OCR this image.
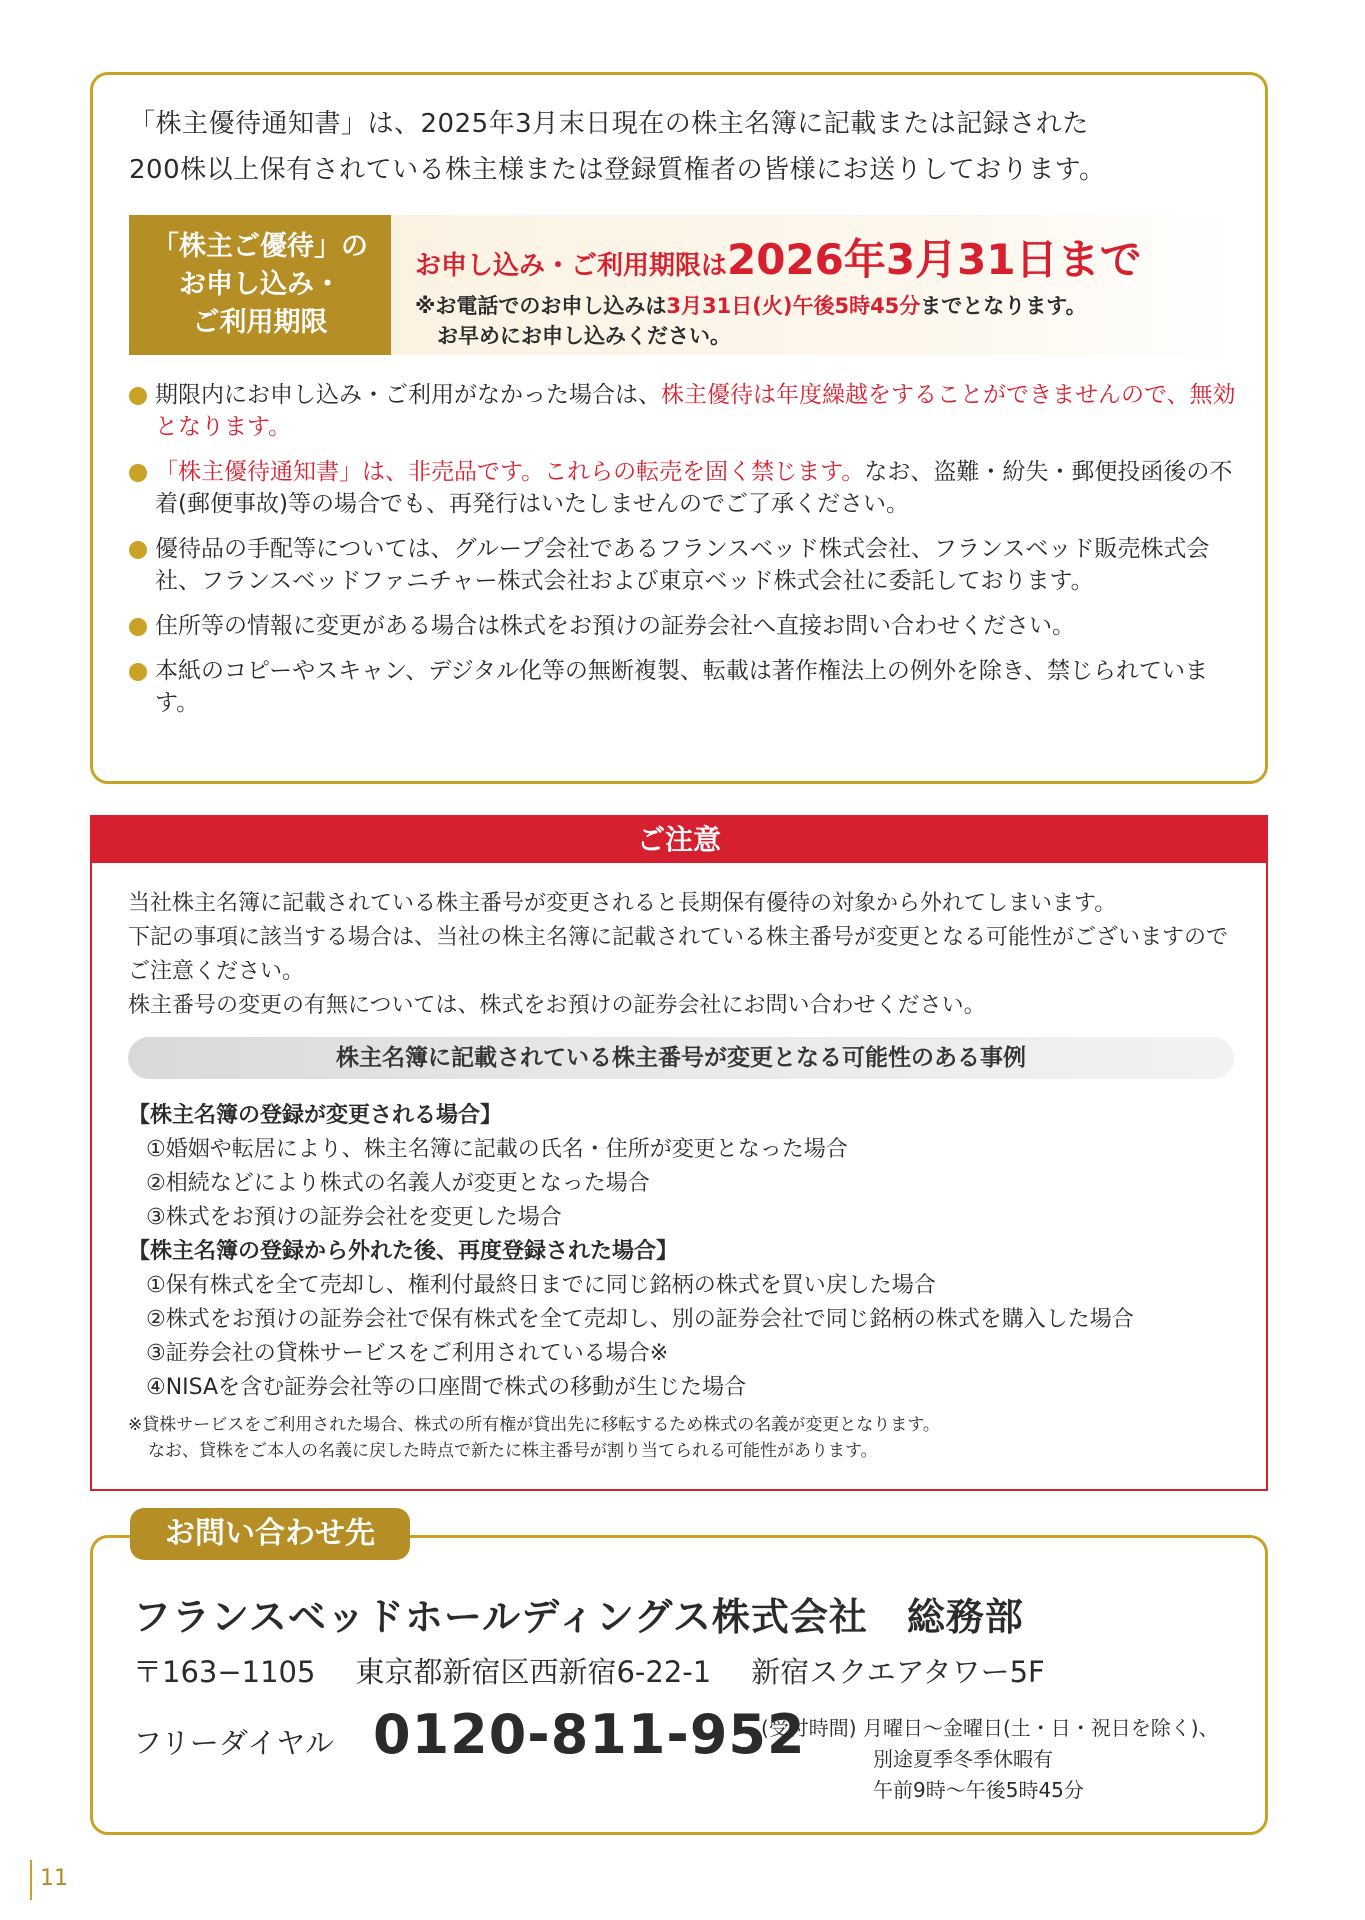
「株主優待通知書」は、2025年3月末日現在の株主名簿に記載または記録された
200株以上保有されている株主様または登録質権者の皆様にお送りしております。
「株主ご優待」の
お申し込み・
ご利用期限
お申し込み・ご利用期限は2026年3月31日まで
※お電話でのお申し込みは3月31日(火)午後5時45分までとなります。
お早めにお申し込みください。
期限内にお申し込み・ご利用がなかった場合は、株主優待は年度繰越をすることができませんので、無効となります。
「株主優待通知書」は、非売品です。これらの転売を固く禁じます。なお、盗難・紛失・郵便投函後の不着(郵便事故)等の場合でも、再発行はいたしませんのでご了承ください。
優待品の手配等については、グループ会社であるフランスベッド株式会社、フランスベッド販売株式会社、フランスベッドファニチャー株式会社および東京ベッド株式会社に委託しております。
住所等の情報に変更がある場合は株式をお預けの証券会社へ直接お問い合わせください。
本紙のコピーやスキャン、デジタル化等の無断複製、転載は著作権法上の例外を除き、禁じられています。
ご注意
当社株主名簿に記載されている株主番号が変更されると長期保有優待の対象から外れてしまいます。
下記の事項に該当する場合は、当社の株主名簿に記載されている株主番号が変更となる可能性がございますのでご注意ください。
株主番号の変更の有無については、株式をお預けの証券会社にお問い合わせください。
株主名簿に記載されている株主番号が変更となる可能性のある事例
【株主名簿の登録が変更される場合】
①婚姻や転居により、株主名簿に記載の氏名・住所が変更となった場合
②相続などにより株式の名義人が変更となった場合
③株式をお預けの証券会社を変更した場合
【株主名簿の登録から外れた後、再度登録された場合】
①保有株式を全て売却し、権利付最終日までに同じ銘柄の株式を買い戻した場合
②株式をお預けの証券会社で保有株式を全て売却し、別の証券会社で同じ銘柄の株式を購入した場合
③証券会社の貸株サービスをご利用されている場合※
④NISAを含む証券会社等の口座間で株式の移動が生じた場合
※貸株サービスをご利用された場合、株式の所有権が貸出先に移転するため株式の名義が変更となります。
なお、貸株をご本人の名義に戻した時点で新たに株主番号が割り当てられる可能性があります。
フランスベッドホールディングス株式会社　総務部
〒163−1105 東京都新宿区西新宿6-22-1 新宿スクエアタワー5F
フリーダイヤル 0120-811-952
(受付時間) 月曜日～金曜日(土・日・祝日を除く)、
別途夏季冬季休暇有
午前9時～午後5時45分
お問い合わせ先
11
